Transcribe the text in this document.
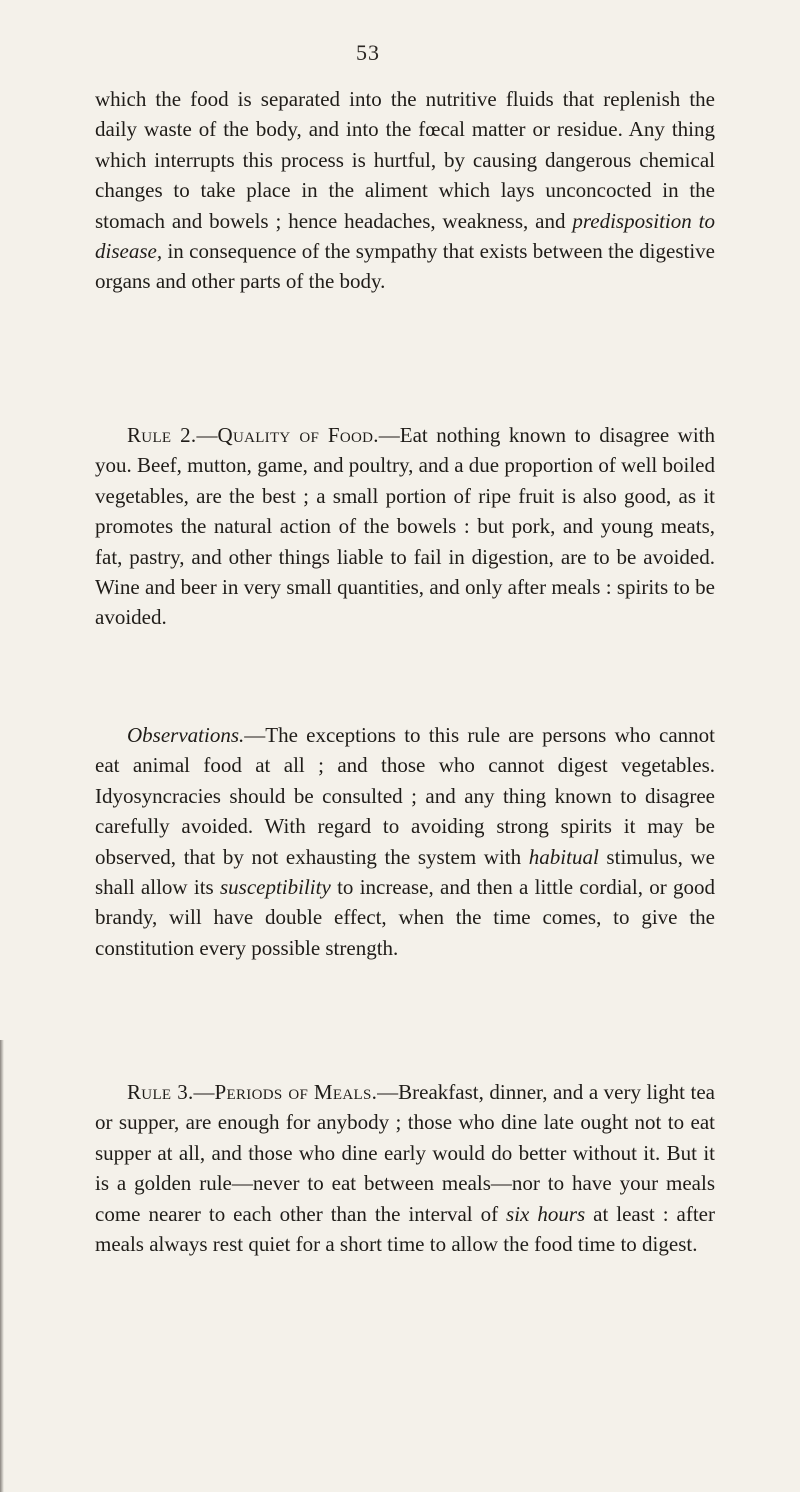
53

which the food is separated into the nutritive fluids that replenish the daily waste of the body, and into the fœcal matter or residue. Any thing which interrupts this process is hurtful, by causing dangerous chemical changes to take place in the aliment which lays unconcocted in the stomach and bowels ; hence headaches, weakness, and predisposition to disease, in consequence of the sympathy that exists between the digestive organs and other parts of the body.

Rule 2.—Quality of Food.—Eat nothing known to disagree with you. Beef, mutton, game, and poultry, and a due proportion of well boiled vegetables, are the best ; a small portion of ripe fruit is also good, as it promotes the natural action of the bowels : but pork, and young meats, fat, pastry, and other things liable to fail in digestion, are to be avoided. Wine and beer in very small quantities, and only after meals : spirits to be avoided.

Observations.—The exceptions to this rule are persons who cannot eat animal food at all ; and those who cannot digest vegetables. Idyosyncracies should be consulted ; and any thing known to disagree carefully avoided. With regard to avoiding strong spirits it may be observed, that by not exhausting the system with habitual stimulus, we shall allow its susceptibility to increase, and then a little cordial, or good brandy, will have double effect, when the time comes, to give the constitution every possible strength.

Rule 3.—Periods of Meals.—Breakfast, dinner, and a very light tea or supper, are enough for anybody ; those who dine late ought not to eat supper at all, and those who dine early would do better without it. But it is a golden rule—never to eat between meals—nor to have your meals come nearer to each other than the interval of six hours at least : after meals always rest quiet for a short time to allow the food time to digest.
